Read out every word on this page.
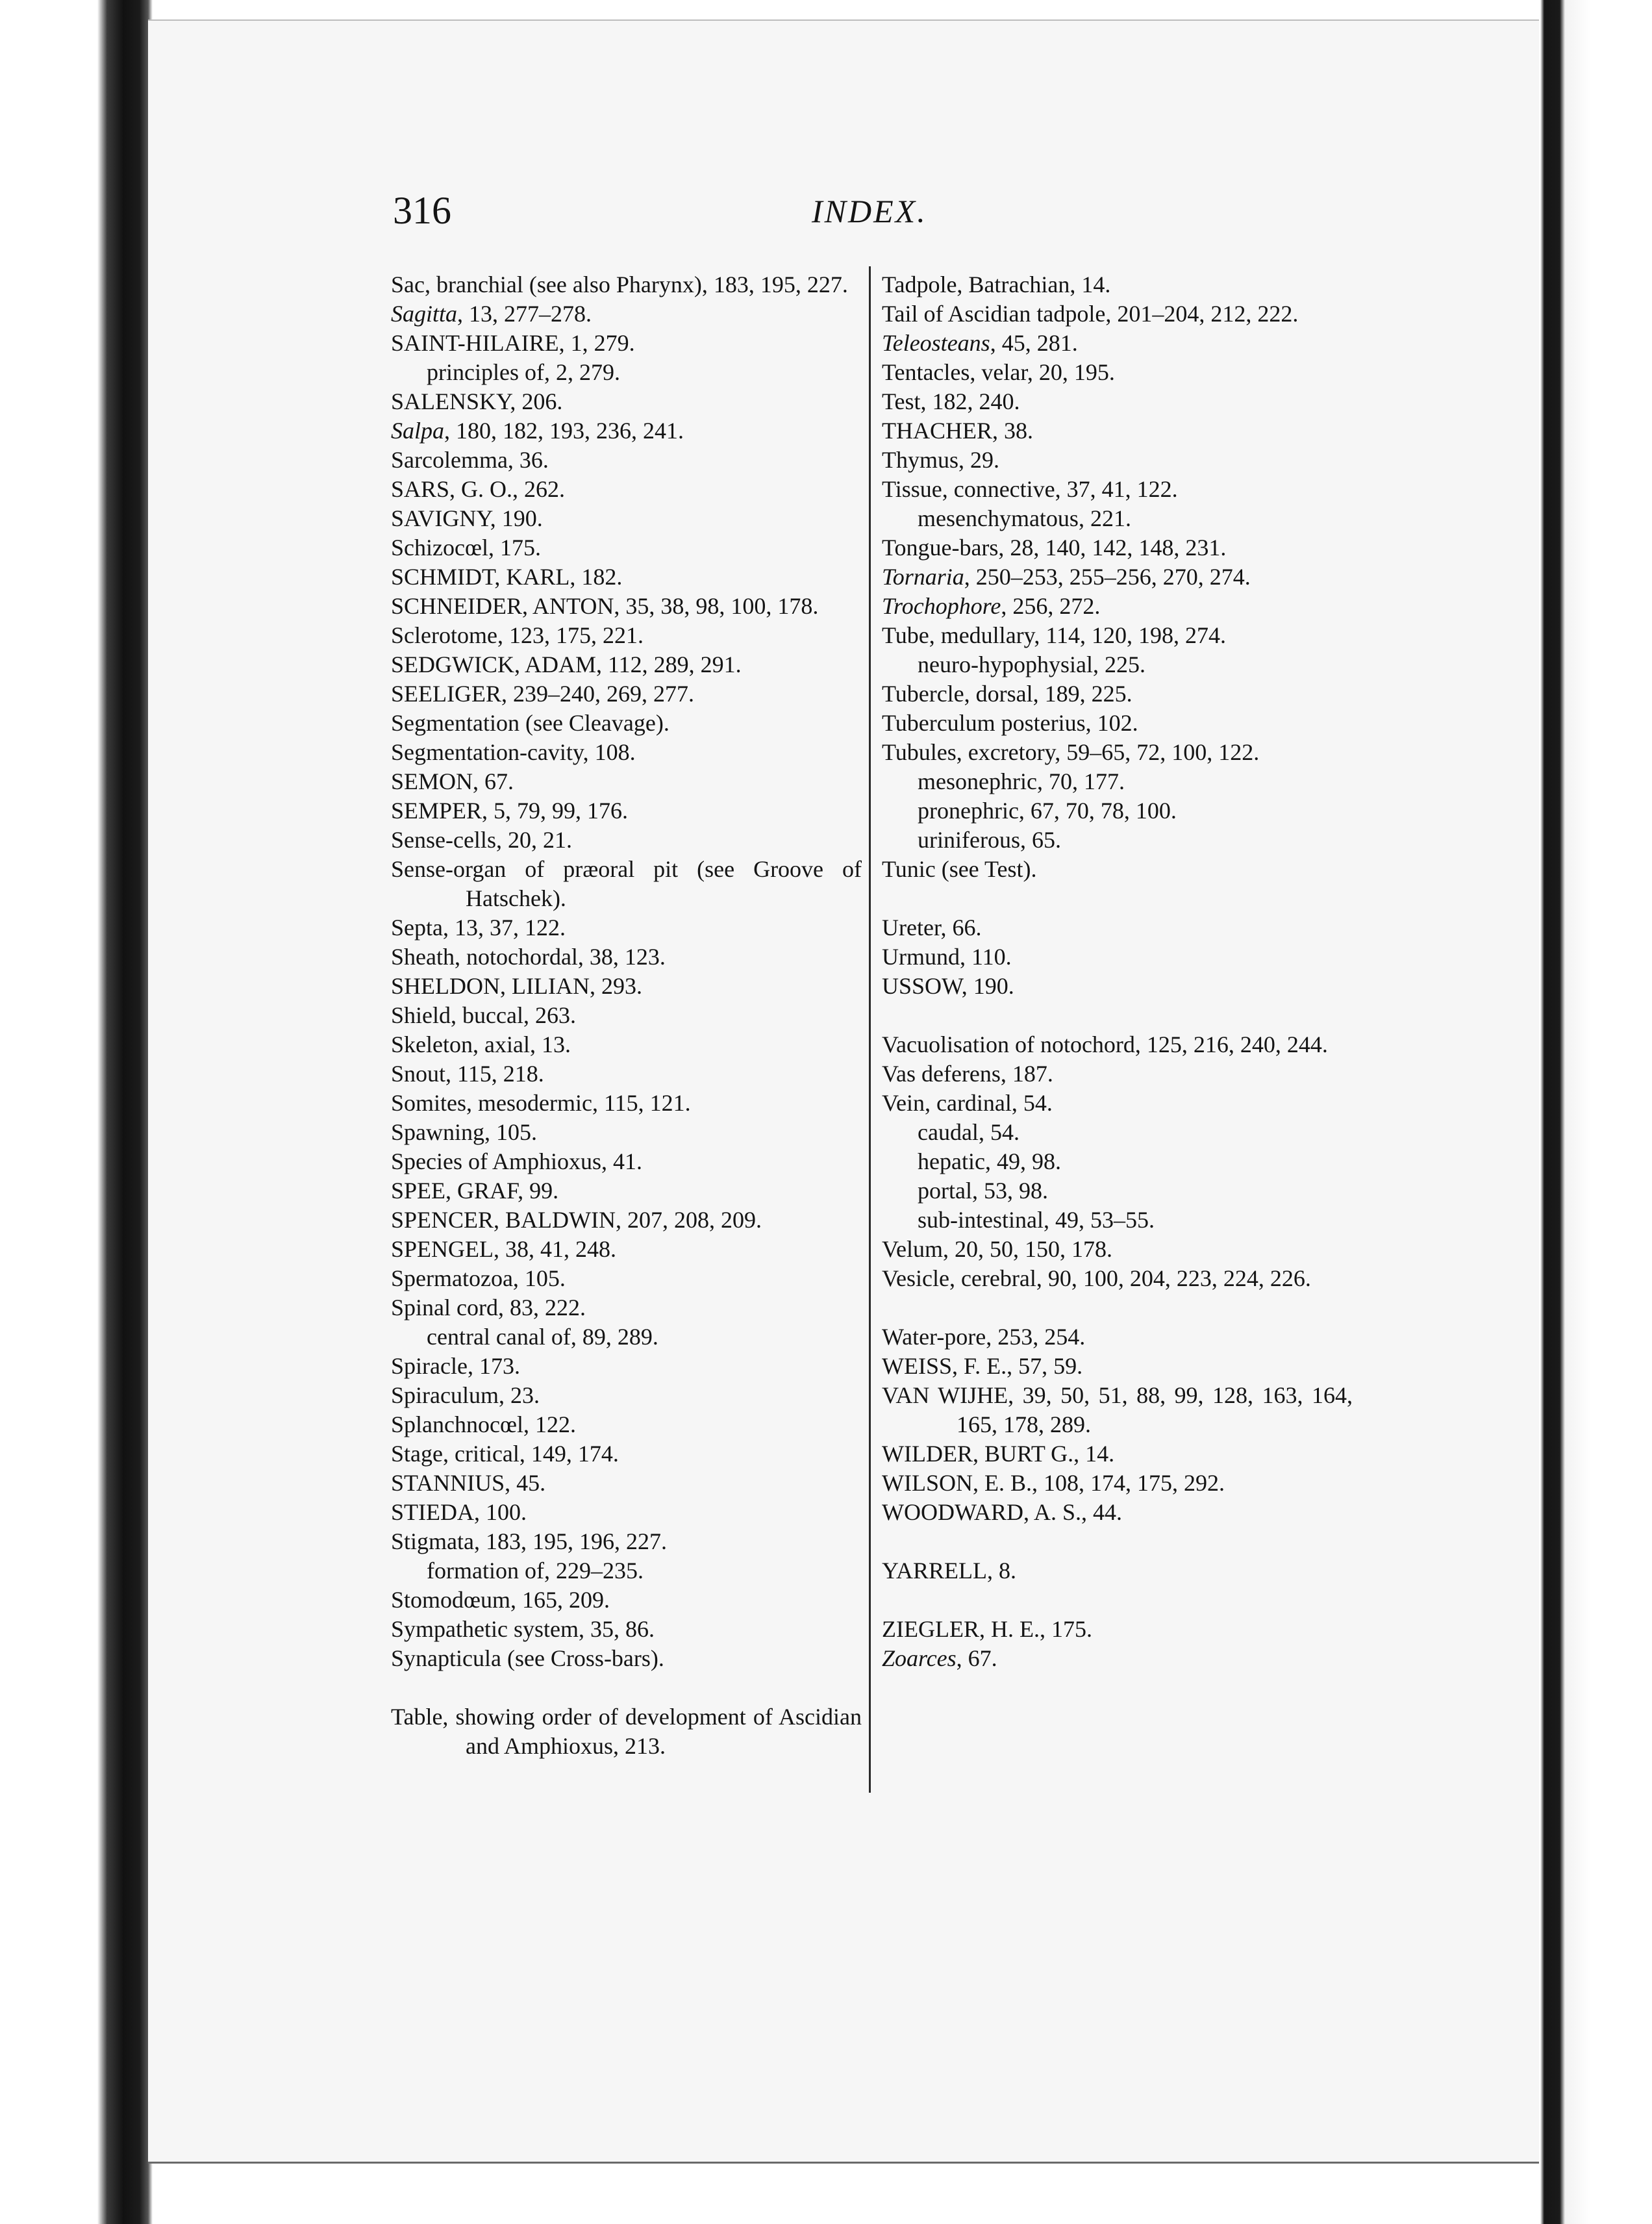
316	INDEX.

Sac, branchial (see also Pharynx), 183, 195, 227.

Sagitta, 13, 277–278.

SAINT-HILAIRE, 1, 279.

principles of, 2, 279.

SALENSKY, 206.

Salpa, 180, 182, 193, 236, 241.

Sarcolemma, 36.

SARS, G. O., 262.

SAVIGNY, 190.

Schizocœl, 175.

SCHMIDT, KARL, 182.

SCHNEIDER, ANTON, 35, 38, 98, 100, 178.

Sclerotome, 123, 175, 221.

SEDGWICK, ADAM, 112, 289, 291.

SEELIGER, 239–240, 269, 277.

Segmentation (see Cleavage).

Segmentation-cavity, 108.

SEMON, 67.

SEMPER, 5, 79, 99, 176.

Sense-cells, 20, 21.

Sense-organ of præoral pit (see Groove of Hatschek).

Septa, 13, 37, 122.

Sheath, notochordal, 38, 123.

SHELDON, LILIAN, 293.

Shield, buccal, 263.

Skeleton, axial, 13.

Snout, 115, 218.

Somites, mesodermic, 115, 121.

Spawning, 105.

Species of Amphioxus, 41.

SPEE, GRAF, 99.

SPENCER, BALDWIN, 207, 208, 209.

SPENGEL, 38, 41, 248.

Spermatozoa, 105.

Spinal cord, 83, 222.

central canal of, 89, 289.

Spiracle, 173.

Spiraculum, 23.

Splanchnocœl, 122.

Stage, critical, 149, 174.

STANNIUS, 45.

STIEDA, 100.

Stigmata, 183, 195, 196, 227.

formation of, 229–235.

Stomodœum, 165, 209.

Sympathetic system, 35, 86.

Synapticula (see Cross-bars).

Table, showing order of development of Ascidian and Amphioxus, 213.

Tadpole, Batrachian, 14.

Tail of Ascidian tadpole, 201–204, 212, 222.

Teleosteans, 45, 281.

Tentacles, velar, 20, 195.

Test, 182, 240.

THACHER, 38.

Thymus, 29.

Tissue, connective, 37, 41, 122.

mesenchymatous, 221.

Tongue-bars, 28, 140, 142, 148, 231.

Tornaria, 250–253, 255–256, 270, 274.

Trochophore, 256, 272.

Tube, medullary, 114, 120, 198, 274.

neuro-hypophysial, 225.

Tubercle, dorsal, 189, 225.

Tuberculum posterius, 102.

Tubules, excretory, 59–65, 72, 100, 122.

mesonephric, 70, 177.

pronephric, 67, 70, 78, 100.

uriniferous, 65.

Tunic (see Test).

Ureter, 66.

Urmund, 110.

USSOW, 190.

Vacuolisation of notochord, 125, 216, 240, 244.

Vas deferens, 187.

Vein, cardinal, 54.

caudal, 54.

hepatic, 49, 98.

portal, 53, 98.

sub-intestinal, 49, 53–55.

Velum, 20, 50, 150, 178.

Vesicle, cerebral, 90, 100, 204, 223, 224, 226.

Water-pore, 253, 254.

WEISS, F. E., 57, 59.

VAN WIJHE, 39, 50, 51, 88, 99, 128, 163, 164, 165, 178, 289.

WILDER, BURT G., 14.

WILSON, E. B., 108, 174, 175, 292.

WOODWARD, A. S., 44.

YARRELL, 8.

ZIEGLER, H. E., 175.

Zoarces, 67.
